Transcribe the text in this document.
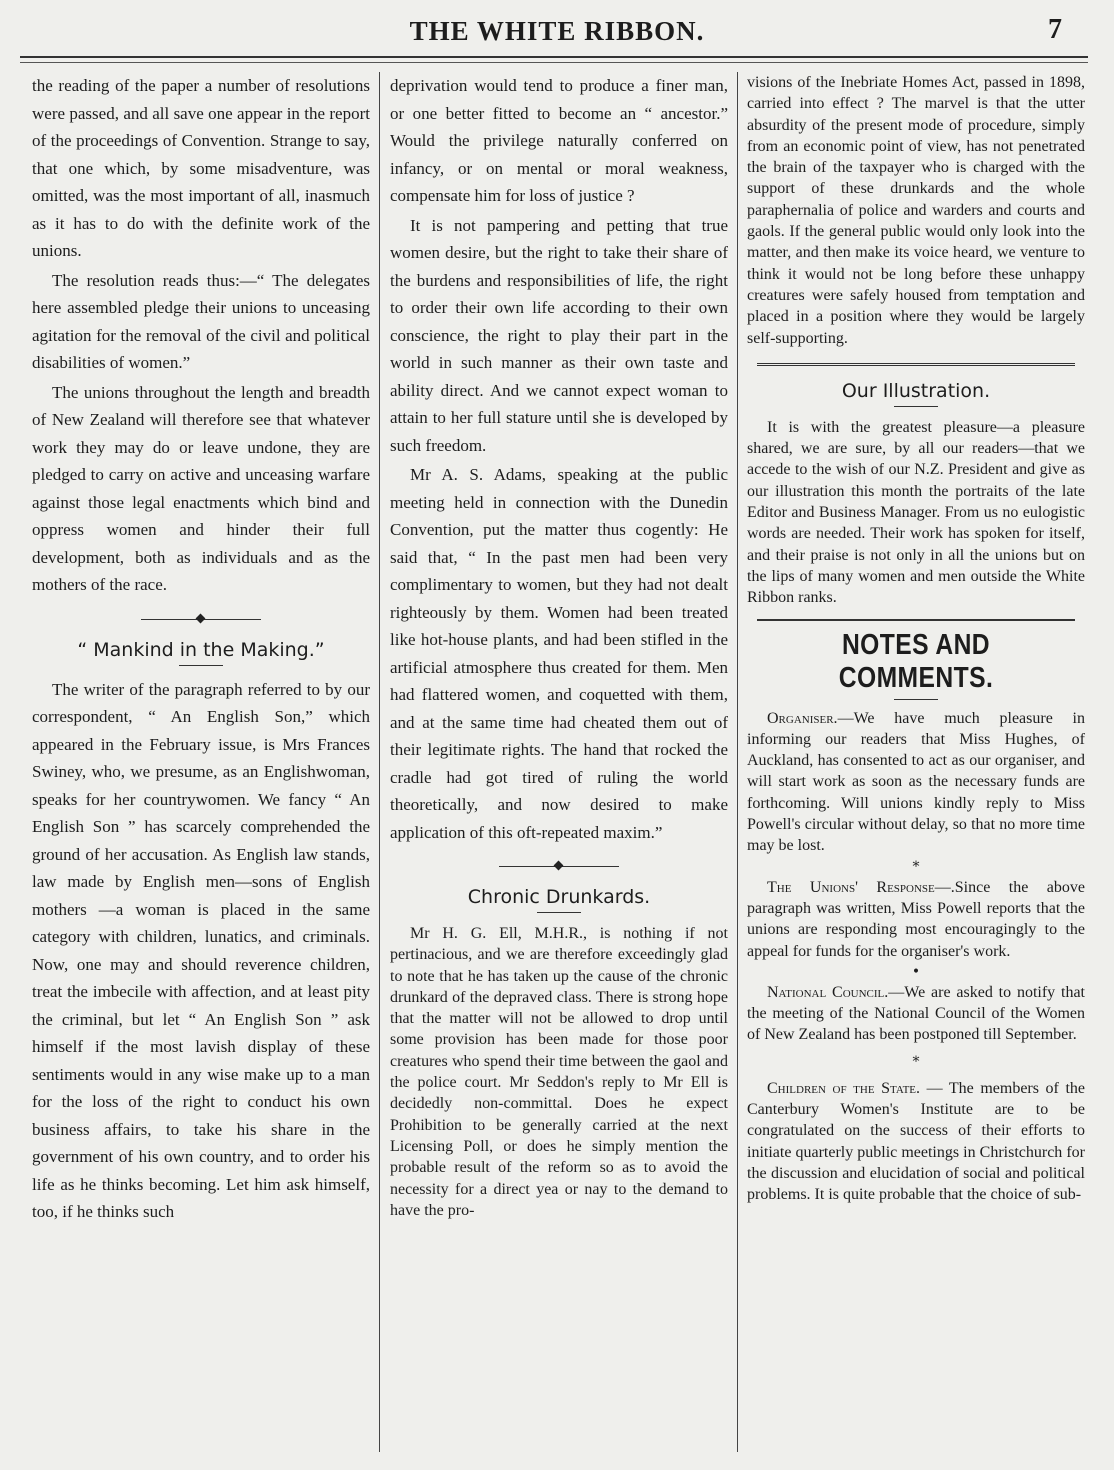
THE WHITE RIBBON.	7

the reading of the paper a number of resolutions were passed, and all save one appear in the report of the proceedings of Convention. Strange to say, that one which, by some misadventure, was omitted, was the most important of all, inasmuch as it has to do with the definite work of the unions.

The resolution reads thus:—“ The delegates here assembled pledge their unions to unceasing agitation for the removal of the civil and political disabilities of women.”

The unions throughout the length and breadth of New Zealand will therefore see that whatever work they may do or leave undone, they are pledged to carry on active and unceasing warfare against those legal enactments which bind and oppress women and hinder their full development, both as individuals and as the mothers of the race.

“ Mankind in the Making.”

The writer of the paragraph referred to by our correspondent, “ An English Son,” which appeared in the February issue, is Mrs Frances Swiney, who, we presume, as an Englishwoman, speaks for her countrywomen. We fancy “ An English Son ” has scarcely comprehended the ground of her accusation. As English law stands, law made by English men—sons of English mothers —a woman is placed in the same category with children, lunatics, and criminals. Now, one may and should reverence children, treat the imbecile with affection, and at least pity the criminal, but let “ An English Son ” ask himself if the most lavish display of these sentiments would in any wise make up to a man for the loss of the right to conduct his own business affairs, to take his share in the government of his own country, and to order his life as he thinks becoming. Let him ask himself, too, if he thinks such

deprivation would tend to produce a finer man, or one better fitted to become an “ ancestor.” Would the privilege naturally conferred on infancy, or on mental or moral weakness, compensate him for loss of justice ?

It is not pampering and petting that true women desire, but the right to take their share of the burdens and responsibilities of life, the right to order their own life according to their own conscience, the right to play their part in the world in such manner as their own taste and ability direct. And we cannot expect woman to attain to her full stature until she is developed by such freedom.

Mr A. S. Adams, speaking at the public meeting held in connection with the Dunedin Convention, put the matter thus cogently: He said that, “ In the past men had been very complimentary to women, but they had not dealt righteously by them. Women had been treated like hot-house plants, and had been stifled in the artificial atmosphere thus created for them. Men had flattered women, and coquetted with them, and at the same time had cheated them out of their legitimate rights. The hand that rocked the cradle had got tired of ruling the world theoretically, and now desired to make application of this oft-repeated maxim.”

Chronic Drunkards.

Mr H. G. Ell, M.H.R., is nothing if not pertinacious, and we are therefore exceedingly glad to note that he has taken up the cause of the chronic drunkard of the depraved class. There is strong hope that the matter will not be allowed to drop until some provision has been made for those poor creatures who spend their time between the gaol and the police court. Mr Seddon's reply to Mr Ell is decidedly non-committal. Does he expect Prohibition to be generally carried at the next Licensing Poll, or does he simply mention the probable result of the reform so as to avoid the necessity for a direct yea or nay to the demand to have the pro-

visions of the Inebriate Homes Act, passed in 1898, carried into effect ? The marvel is that the utter absurdity of the present mode of procedure, simply from an economic point of view, has not penetrated the brain of the taxpayer who is charged with the support of these drunkards and the whole paraphernalia of police and warders and courts and gaols. If the general public would only look into the matter, and then make its voice heard, we venture to think it would not be long before these unhappy creatures were safely housed from temptation and placed in a position where they would be largely self-supporting.

Our Illustration.

It is with the greatest pleasure—a pleasure shared, we are sure, by all our readers—that we accede to the wish of our N.Z. President and give as our illustration this month the portraits of the late Editor and Business Manager. From us no eulogistic words are needed. Their work has spoken for itself, and their praise is not only in all the unions but on the lips of many women and men outside the White Ribbon ranks.

NOTES AND COMMENTS.

Organiser.—We have much pleasure in informing our readers that Miss Hughes, of Auckland, has consented to act as our organiser, and will start work as soon as the necessary funds are forthcoming. Will unions kindly reply to Miss Powell's circular without delay, so that no more time may be lost.

*

The Unions' Response—.Since the above paragraph was written, Miss Powell reports that the unions are responding most encouragingly to the appeal for funds for the organiser's work.

•

National Council.—We are asked to notify that the meeting of the National Council of the Women of New Zealand has been postponed till September.

*

Children of the State. — The members of the Canterbury Women's Institute are to be congratulated on the success of their efforts to initiate quarterly public meetings in Christchurch for the discussion and elucidation of social and political problems. It is quite probable that the choice of sub-
